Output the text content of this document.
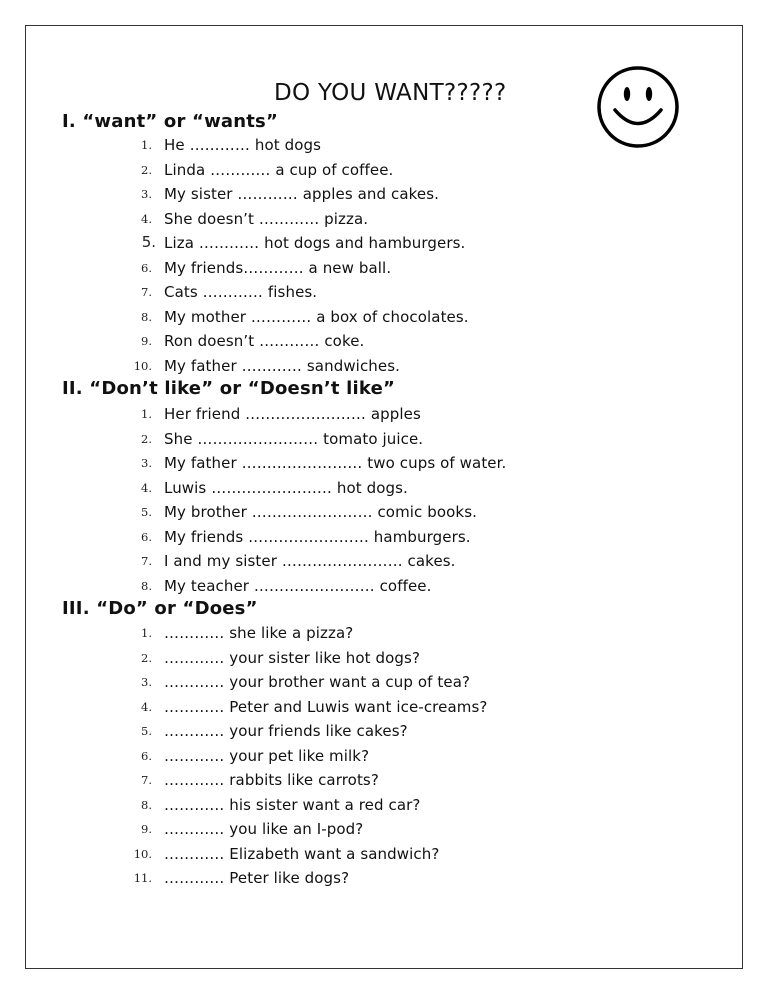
DO YOU WANT?????
I. “want” or “wants”
1. He ………… hot dogs
2. Linda ………… a cup of coffee.
3. My sister ………… apples and cakes.
4. She doesn’t ………… pizza.
5. Liza ………… hot dogs and hamburgers.
6. My friends………… a new ball.
7. Cats ………… fishes.
8. My mother ………… a box of chocolates.
9. Ron doesn’t ………… coke.
10. My father ………… sandwiches.
II. “Don’t like” or “Doesn’t like”
1. Her friend …………………… apples
2. She …………………… tomato juice.
3. My father …………………… two cups of water.
4. Luwis …………………… hot dogs.
5. My brother …………………… comic books.
6. My friends …………………… hamburgers.
7. I and my sister …………………… cakes.
8. My teacher …………………… coffee.
III. “Do” or “Does”
1. ………… she like a pizza?
2. ………… your sister like hot dogs?
3. ………… your brother want a cup of tea?
4. ………… Peter and Luwis want ice-creams?
5. ………… your friends like cakes?
6. ………… your pet like milk?
7. ………… rabbits like carrots?
8. ………… his sister want a red car?
9. ………… you like an I-pod?
10. ………… Elizabeth want a sandwich?
11. ………… Peter like dogs?
